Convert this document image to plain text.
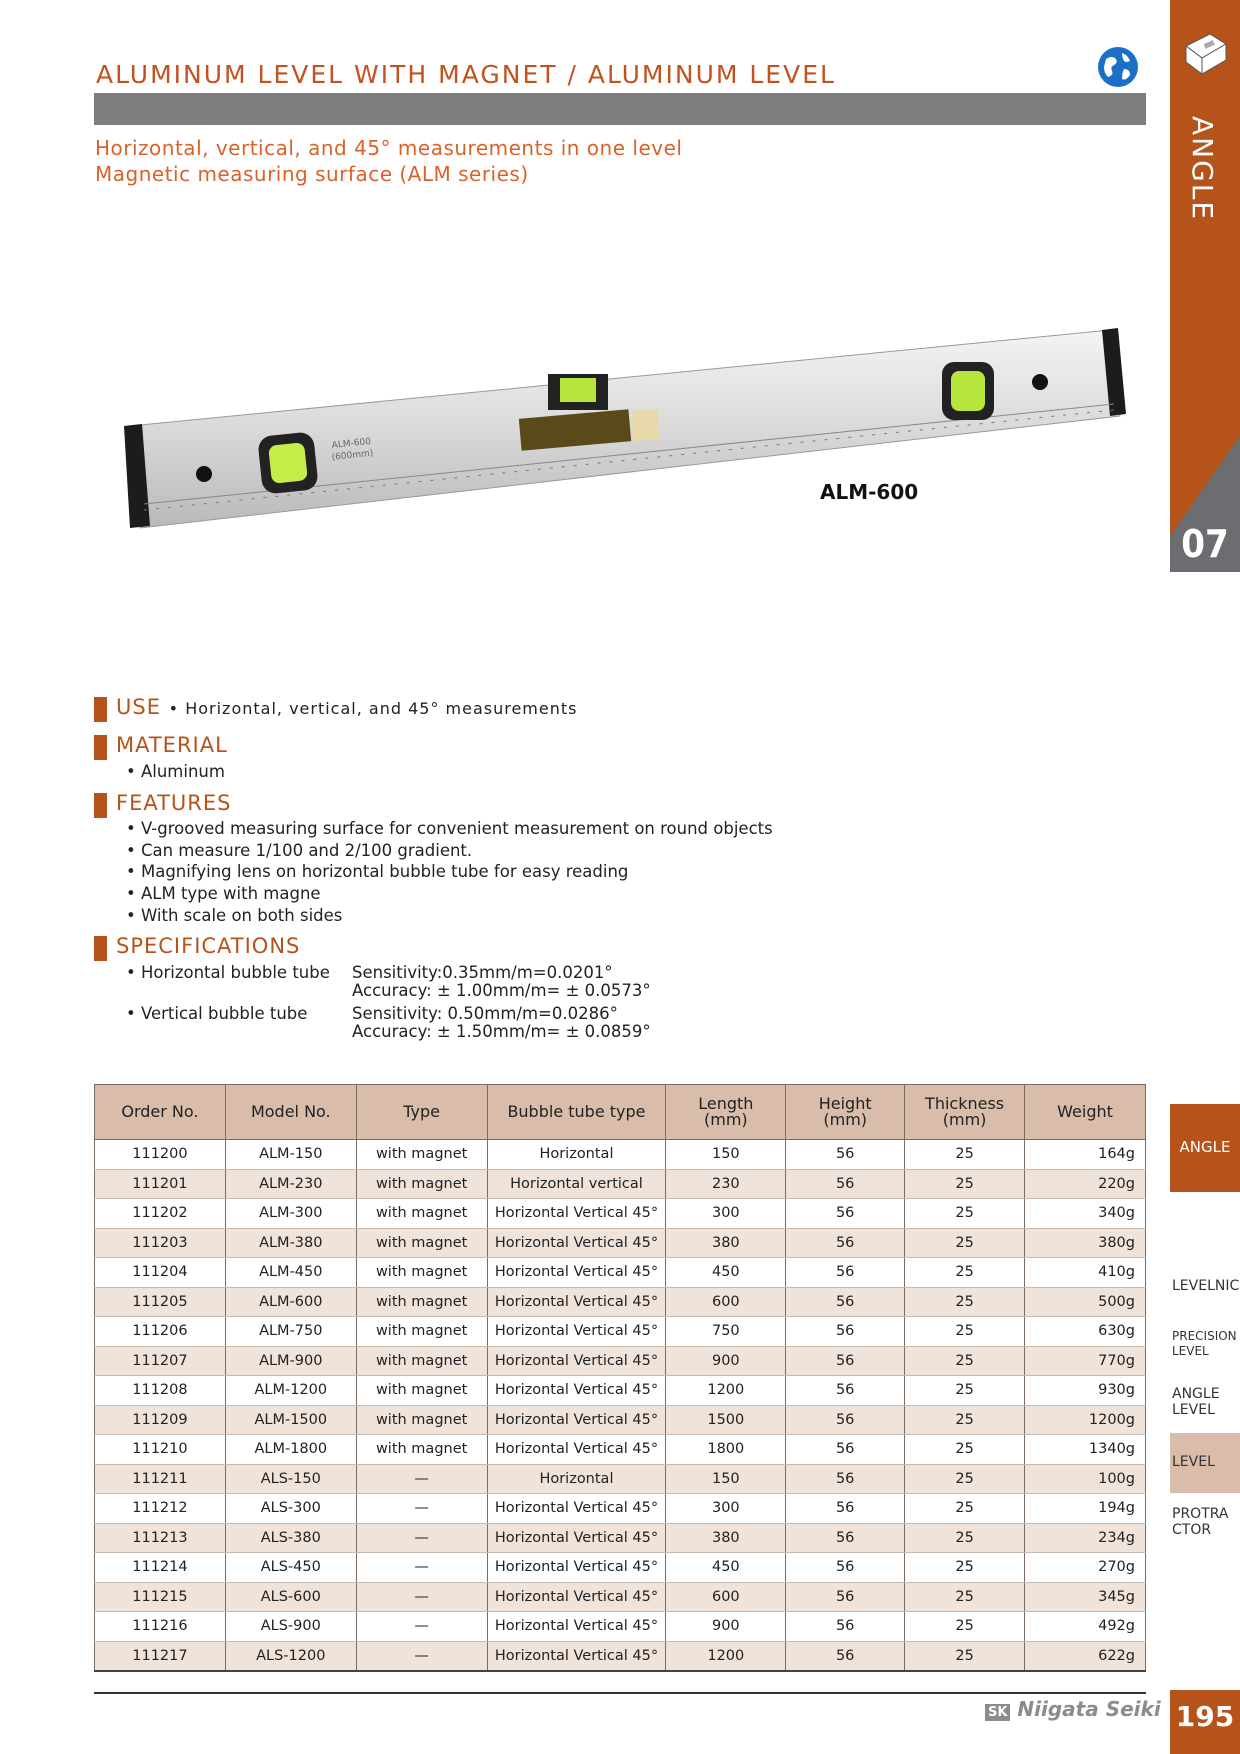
ALUMINUM LEVEL WITH MAGNET / ALUMINUM LEVEL
Horizontal, vertical, and 45° measurements in one level
Magnetic measuring surface (ALM series)	ANGLE
07
ALM-600
(600mm)
ALM-600
USE • Horizontal, vertical, and 45° measurements
MATERIAL
• Aluminum
FEATURES
• V-grooved measuring surface for convenient measurement on round objects
• Can measure 1/100 and 2/100 gradient.
• Magnifying lens on horizontal bubble tube for easy reading
• ALM type with magne
• With scale on both sides
SPECIFICATIONS
• Horizontal bubble tube Sensitivity:0.35mm/m=0.0201°
Accuracy: ± 1.00mm/m= ± 0.0573°
• Vertical bubble tube	Sensitivity: 0.50mm/m=0.0286°
Accuracy: ± 1.50mm/m= ± 0.0859°
Order No.	Model No.	Type	Bubble tube type	Length
(mm)	Height
(mm)	Thickness
(mm)	Weight
111200	ALM-150	with magnet	Horizontal	150	56	25	164g
111201	ALM-230	with magnet	Horizontal vertical	230	56	25	220g
111202	ALM-300	with magnet	Horizontal Vertical 45°	300	56	25	340g
111203	ALM-380	with magnet	Horizontal Vertical 45°	380	56	25	380g
111204	ALM-450	with magnet	Horizontal Vertical 45°	450	56	25	410g
111205	ALM-600	with magnet	Horizontal Vertical 45°	600	56	25	500g
111206	ALM-750	with magnet	Horizontal Vertical 45°	750	56	25	630g
111207	ALM-900	with magnet	Horizontal Vertical 45°	900	56	25	770g
111208	ALM-1200	with magnet	Horizontal Vertical 45°	1200	56	25	930g
111209	ALM-1500	with magnet	Horizontal Vertical 45°	1500	56	25	1200g
111210	ALM-1800	with magnet	Horizontal Vertical 45°	1800	56	25	1340g
111211	ALS-150	—	Horizontal	150	56	25	100g
111212	ALS-300	—	Horizontal Vertical 45°	300	56	25	194g
111213	ALS-380	—	Horizontal Vertical 45°	380	56	25	234g
111214	ALS-450	—	Horizontal Vertical 45°	450	56	25	270g
111215	ALS-600	—	Horizontal Vertical 45°	600	56	25	345g
111216	ALS-900	—	Horizontal Vertical 45°	900	56	25	492g
111217	ALS-1200	—	Horizontal Vertical 45°	1200	56	25	622g
ANGLE
LEVELNIC
PRECISION
LEVEL
ANGLE
LEVEL
LEVEL
PROTRA
CTOR
SK Niigata Seiki 195
